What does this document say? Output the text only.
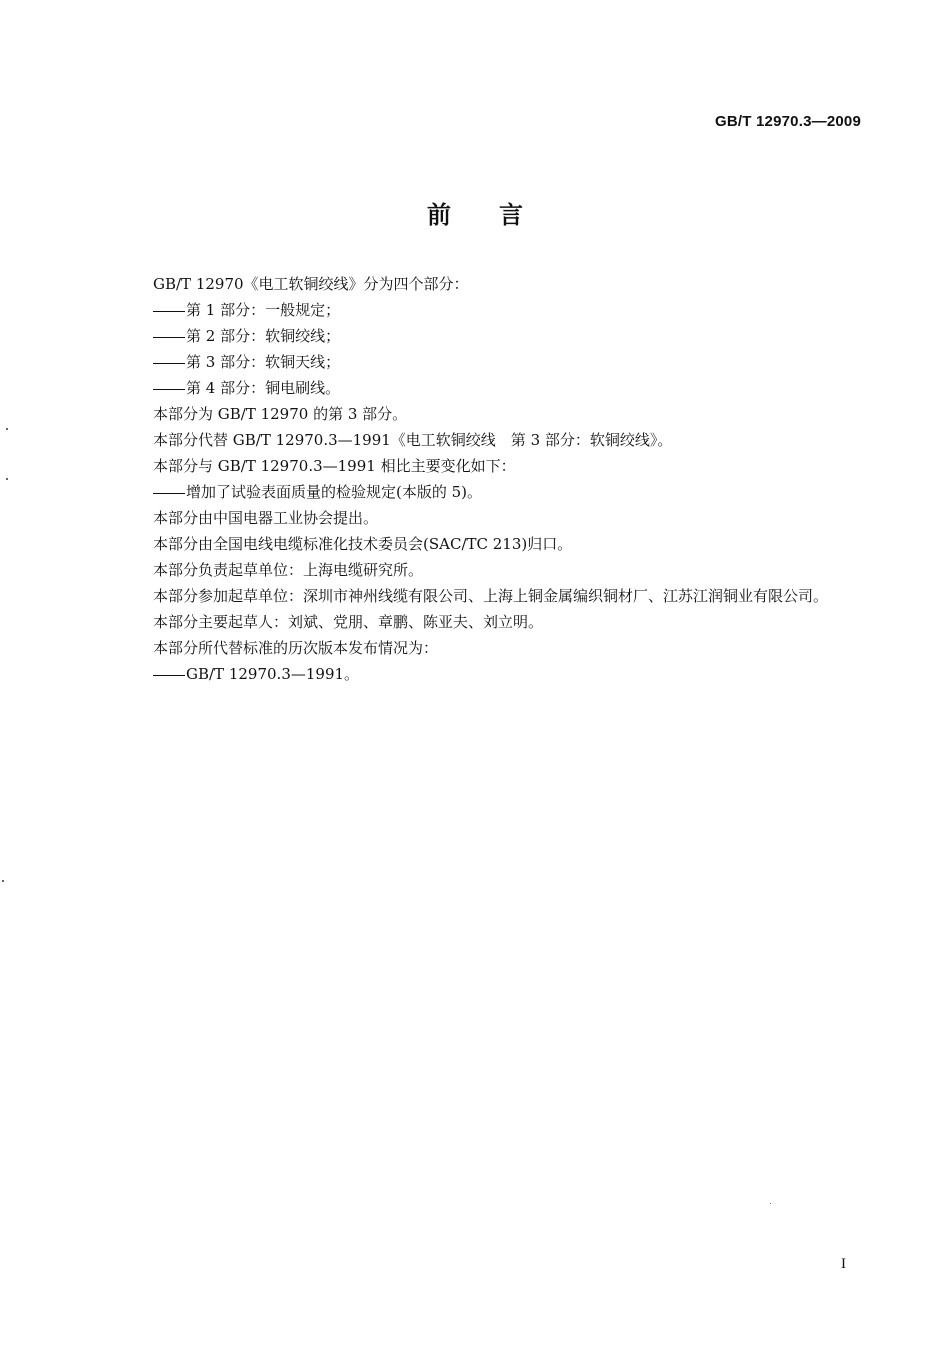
GB/T 12970.3—2009
前言

GB/T 12970《电工软铜绞线》分为四个部分：

第 1 部分：一般规定；

第 2 部分：软铜绞线；

第 3 部分：软铜天线；

第 4 部分：铜电刷线。

本部分为 GB/T 12970 的第 3 部分。

本部分代替 GB/T 12970.3—1991《电工软铜绞线　第 3 部分：软铜绞线》。

本部分与 GB/T 12970.3—1991 相比主要变化如下：

增加了试验表面质量的检验规定(本版的 5)。

本部分由中国电器工业协会提出。

本部分由全国电线电缆标准化技术委员会(SAC/TC 213)归口。

本部分负责起草单位：上海电缆研究所。

本部分参加起草单位：深圳市神州线缆有限公司、上海上铜金属编织铜材厂、江苏江润铜业有限公司。

本部分主要起草人：刘斌、党朋、章鹏、陈亚夫、刘立明。

本部分所代替标准的历次版本发布情况为：

GB/T 12970.3—1991。

I
